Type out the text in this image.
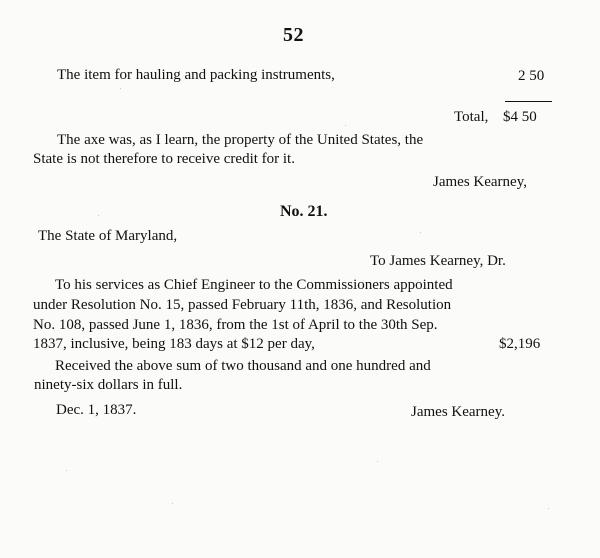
52
The item for hauling and packing instruments,	2 50
Total, $4 50
The axe was, as I learn, the property of the United States, the
State is not therefore to receive credit for it.
James Kearney,
No. 21.
The State of Maryland,
To James Kearney, Dr.
To his services as Chief Engineer to the Commissioners appointed
under Resolution No. 15, passed February 11th, 1836, and Resolution
No. 108, passed June 1, 1836, from the 1st of April to the 30th Sep.
1837, inclusive, being 183 days at $12 per day,	$2,196
Received the above sum of two thousand and one hundred and
ninety-six dollars in full.
Dec. 1, 1837.	James Kearney.
